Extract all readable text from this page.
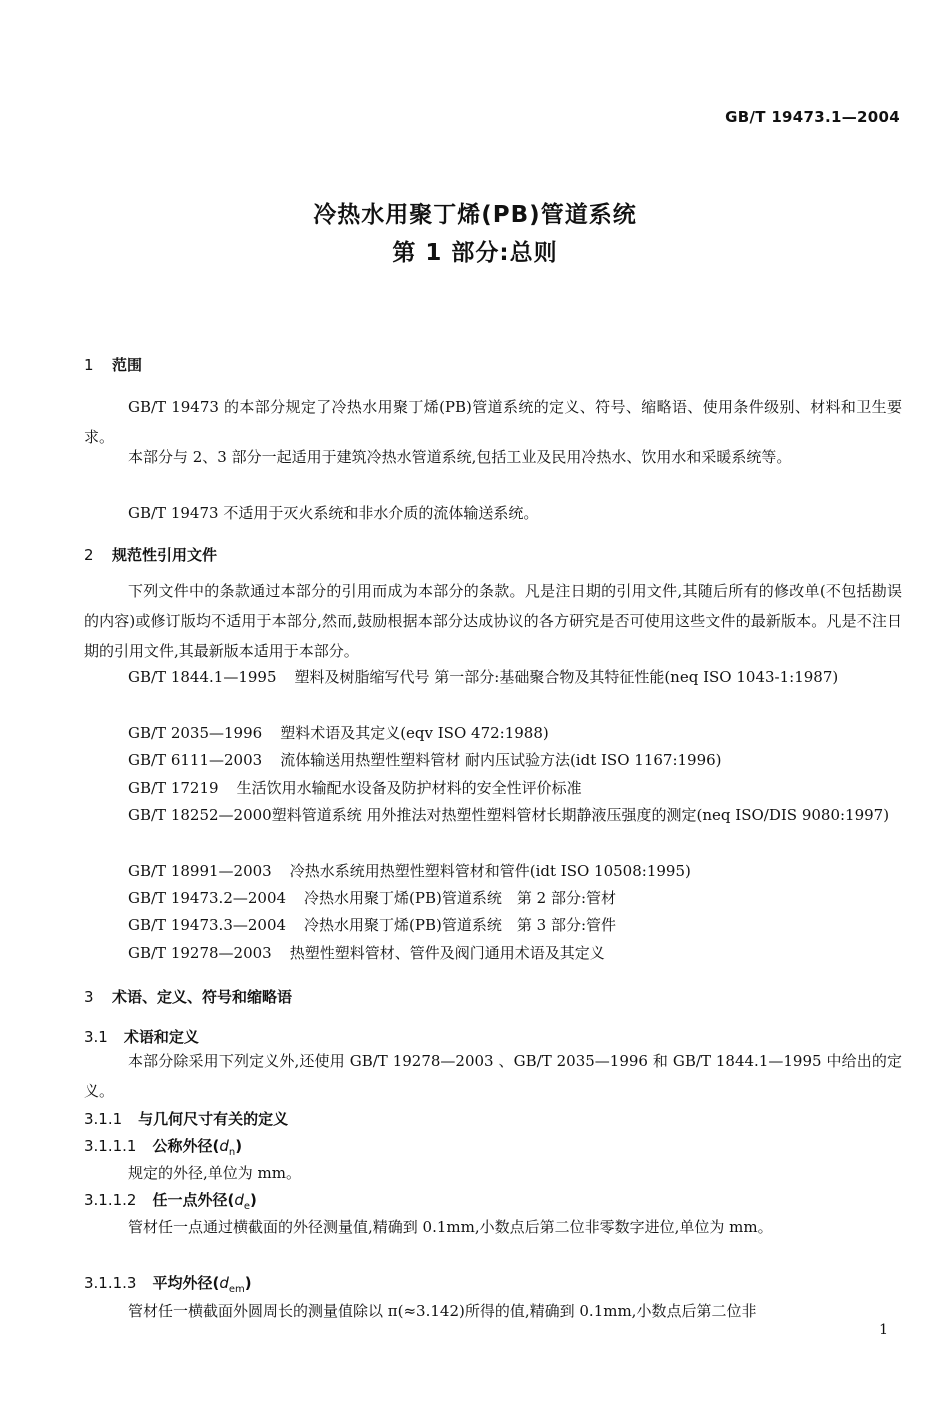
GB/T 19473.1—2004
冷热水用聚丁烯(PB)管道系统
第 1 部分:总则
1 范围
GB/T 19473 的本部分规定了冷热水用聚丁烯(PB)管道系统的定义、符号、缩略语、使用条件级别、材料和卫生要求。
本部分与 2、3 部分一起适用于建筑冷热水管道系统,包括工业及民用冷热水、饮用水和采暖系统等。
GB/T 19473 不适用于灭火系统和非水介质的流体输送系统。
2 规范性引用文件
下列文件中的条款通过本部分的引用而成为本部分的条款。凡是注日期的引用文件,其随后所有的修改单(不包括勘误的内容)或修订版均不适用于本部分,然而,鼓励根据本部分达成协议的各方研究是否可使用这些文件的最新版本。凡是不注日期的引用文件,其最新版本适用于本部分。
GB/T 1844.1—1995 塑料及树脂缩写代号 第一部分:基础聚合物及其特征性能(neq ISO 1043-1:1987)
GB/T 2035—1996 塑料术语及其定义(eqv ISO 472:1988)
GB/T 6111—2003 流体输送用热塑性塑料管材 耐内压试验方法(idt ISO 1167:1996)
GB/T 17219 生活饮用水输配水设备及防护材料的安全性评价标准
GB/T 18252—2000塑料管道系统 用外推法对热塑性塑料管材长期静液压强度的测定(neq ISO/DIS 9080:1997)
GB/T 18991—2003 冷热水系统用热塑性塑料管材和管件(idt ISO 10508:1995)
GB/T 19473.2—2004 冷热水用聚丁烯(PB)管道系统　第 2 部分:管材
GB/T 19473.3—2004 冷热水用聚丁烯(PB)管道系统　第 3 部分:管件
GB/T 19278—2003 热塑性塑料管材、管件及阀门通用术语及其定义
3 术语、定义、符号和缩略语
3.1 术语和定义
本部分除采用下列定义外,还使用 GB/T 19278—2003 、GB/T 2035—1996 和 GB/T 1844.1—1995 中给出的定义。
3.1.1 与几何尺寸有关的定义
3.1.1.1 公称外径$(d_n)$
规定的外径,单位为 mm。
3.1.1.2 任一点外径$(d_e)$
管材任一点通过横截面的外径测量值,精确到 0.1mm,小数点后第二位非零数字进位,单位为 mm。
3.1.1.3 平均外径$(d_{em})$
管材任一横截面外圆周长的测量值除以 π(≈3.142)所得的值,精确到 0.1mm,小数点后第二位非
1
